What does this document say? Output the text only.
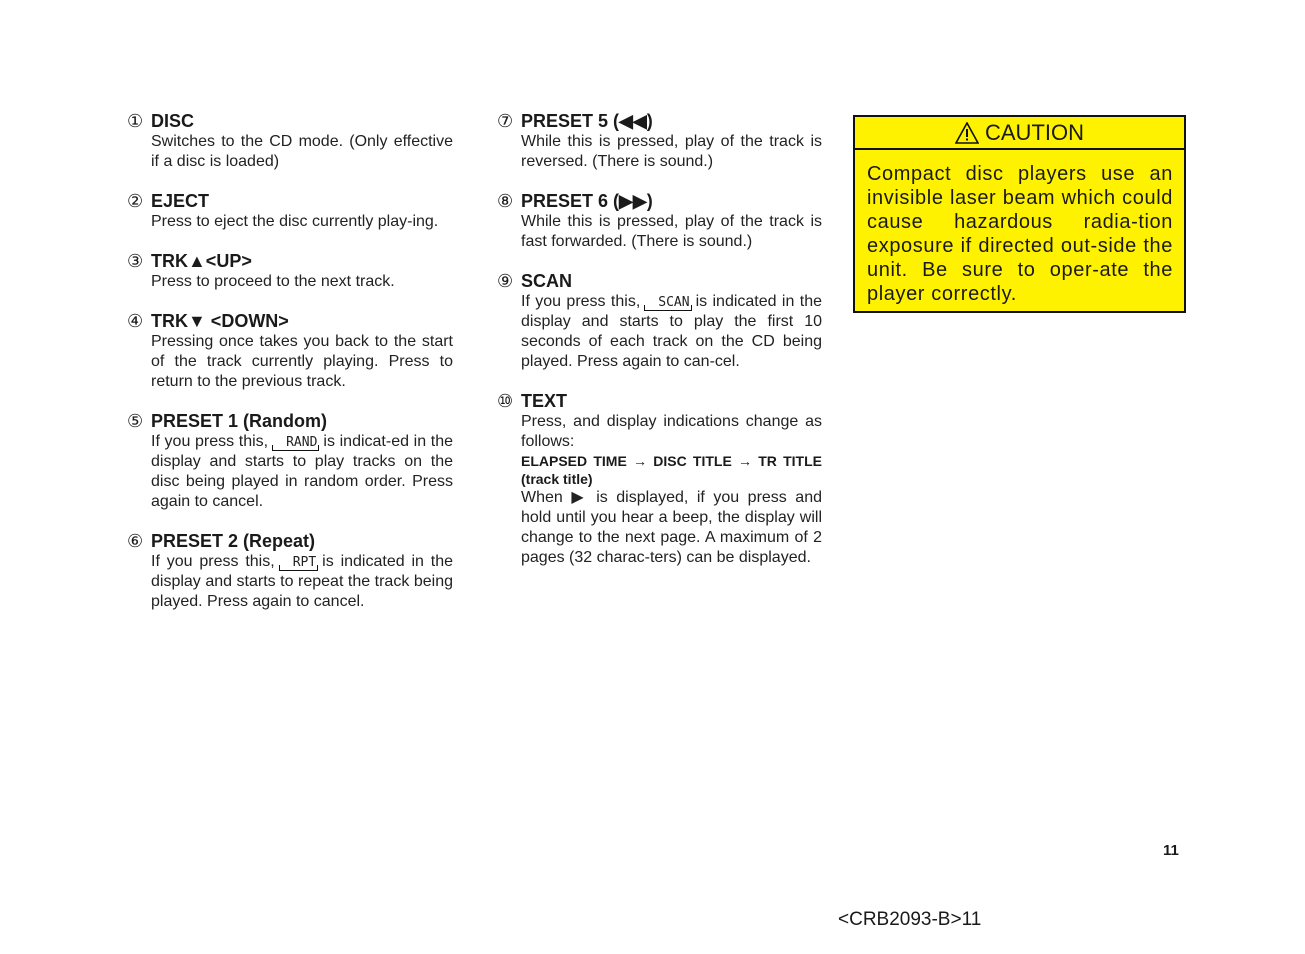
① DISC
Switches to the CD mode. (Only effective if a disc is loaded)
② EJECT
Press to eject the disc currently play-ing.
③ TRK▲<UP>
Press to proceed to the next track.
④ TRK▼ <DOWN>
Pressing once takes you back to the start of the track currently playing. Press to return to the previous track.
⑤ PRESET 1 (Random)
If you press this, RAND is indicat-ed in the display and starts to play tracks on the disc being played in random order. Press again to cancel.
⑥ PRESET 2 (Repeat)
If you press this, RPT is indicated in the display and starts to repeat the track being played. Press again to cancel.
⑦ PRESET 5 (◀◀)
While this is pressed, play of the track is reversed. (There is sound.)
⑧ PRESET 6 (▶▶)
While this is pressed, play of the track is fast forwarded. (There is sound.)
⑨ SCAN
If you press this, SCAN is indicated in the display and starts to play the first 10 seconds of each track on the CD being played. Press again to can-cel.
⑩ TEXT
Press, and display indications change as follows:
ELAPSED TIME → DISC TITLE → TR TITLE (track title)
When ▶ is displayed, if you press and hold until you hear a beep, the display will change to the next page. A maximum of 2 pages (32 charac-ters) can be displayed.
CAUTION
Compact disc players use an invisible laser beam which could cause hazardous radia-tion exposure if directed out-side the unit. Be sure to oper-ate the player correctly.
11
<CRB2093-B>11
